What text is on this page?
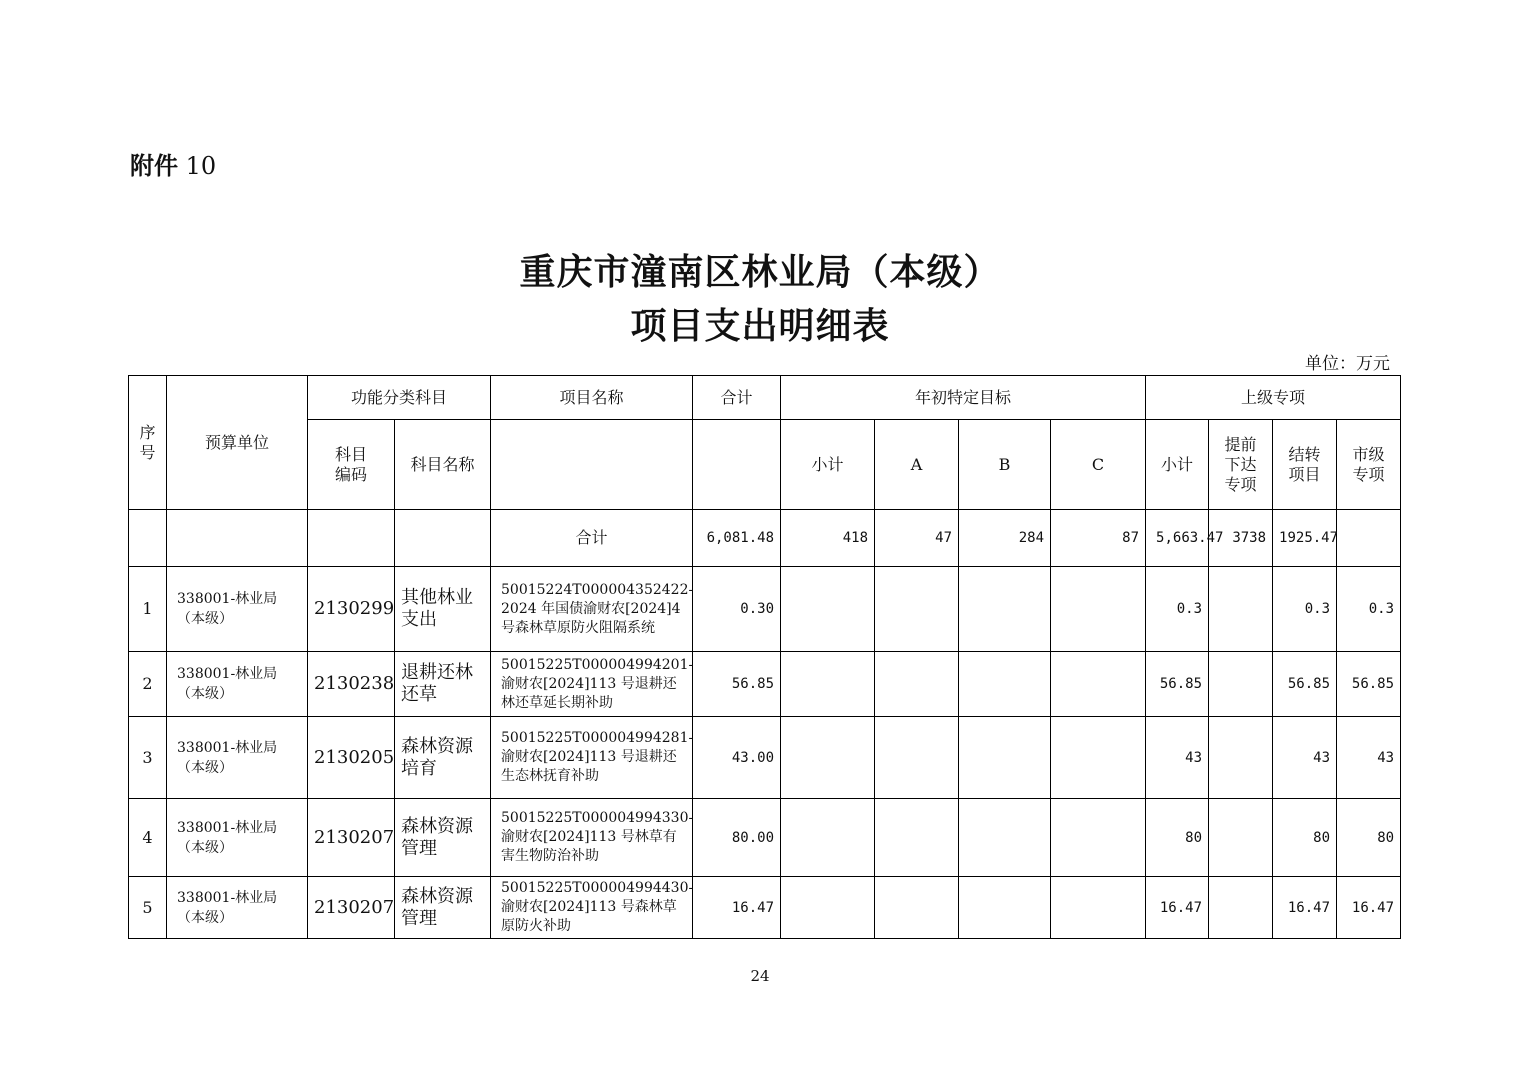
附件 10
重庆市潼南区林业局（本级）
项目支出明细表
单位：万元
序号	预算单位	功能分类科目		项目名称	合计	年初特定目标				上级专项			
		科目编码	科目名称			小计	A	B	C	小计	提前下达专项	结转项目	市级专项
				合计	6,081.48	418	47	284	87	5,663.47	3738	1925.47	
1	338001-林业局（本级）	2130299	其他林业支出	50015224T000004352422-2024 年国债渝财农[2024]4 号森林草原防火阻隔系统	0.30					0.3		0.3	0.3
2	338001-林业局（本级）	2130238	退耕还林还草	50015225T000004994201-渝财农[2024]113 号退耕还林还草延长期补助	56.85					56.85		56.85	56.85
3	338001-林业局（本级）	2130205	森林资源培育	50015225T000004994281-渝财农[2024]113 号退耕还生态林抚育补助	43.00					43		43	43
4	338001-林业局（本级）	2130207	森林资源管理	50015225T000004994330-渝财农[2024]113 号林草有害生物防治补助	80.00					80		80	80
5	338001-林业局（本级）	2130207	森林资源管理	50015225T000004994430-渝财农[2024]113 号森林草原防火补助	16.47					16.47		16.47	16.47
24
